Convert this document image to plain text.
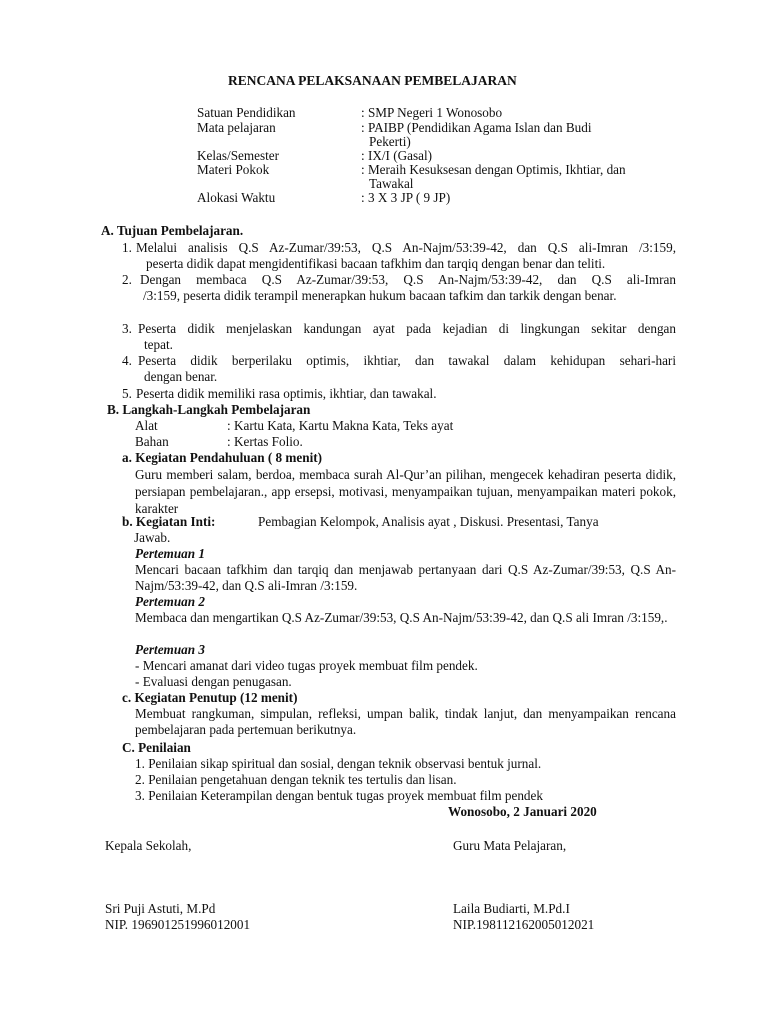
RENCANA PELAKSANAAN PEMBELAJARAN
Satuan Pendidikan	: SMP Negeri 1 Wonosobo
Mata pelajaran	: PAIBP (Pendidikan Agama Islan dan Budi
Pekerti)
Kelas/Semester	: IX/I (Gasal)
Materi Pokok	: Meraih Kesuksesan dengan Optimis, Ikhtiar, dan
Tawakal
Alokasi Waktu	: 3 X 3 JP ( 9 JP)
A. Tujuan Pembelajaran.
1. Melalui analisis Q.S Az-Zumar/39:53, Q.S An-Najm/53:39-42, dan Q.S ali-Imran /3:159,
peserta didik dapat mengidentifikasi bacaan tafkhim dan tarqiq dengan benar dan teliti.
2. Dengan membaca Q.S Az-Zumar/39:53, Q.S An-Najm/53:39-42, dan Q.S ali-Imran
/3:159, peserta didik terampil menerapkan hukum bacaan tafkim dan tarkik dengan benar.
3. Peserta didik menjelaskan kandungan ayat pada kejadian di lingkungan sekitar dengan
tepat.
4. Peserta didik berperilaku optimis, ikhtiar, dan tawakal dalam kehidupan sehari-hari
dengan benar.
5. Peserta didik memiliki rasa optimis, ikhtiar, dan tawakal.
B. Langkah-Langkah Pembelajaran
Alat	: Kartu Kata, Kartu Makna Kata, Teks ayat
Bahan	: Kertas Folio.
a. Kegiatan Pendahuluan ( 8 menit)
Guru memberi salam, berdoa, membaca surah Al-Qur’an pilihan, mengecek kehadiran peserta didik, persiapan pembelajaran., app ersepsi, motivasi, menyampaikan tujuan, menyampaikan materi pokok, karakter
b. Kegiatan Inti:	Pembagian Kelompok, Analisis ayat , Diskusi. Presentasi, Tanya
Jawab.
Pertemuan 1
Mencari bacaan tafkhim dan tarqiq dan menjawab pertanyaan dari Q.S Az-Zumar/39:53, Q.S An-Najm/53:39-42, dan Q.S ali-Imran /3:159.
Pertemuan 2
Membaca dan mengartikan Q.S Az-Zumar/39:53, Q.S An-Najm/53:39-42, dan Q.S ali Imran /3:159,.
Pertemuan 3
- Mencari amanat dari video tugas proyek membuat film pendek.
- Evaluasi dengan penugasan.
c. Kegiatan Penutup (12 menit)
Membuat rangkuman, simpulan, refleksi, umpan balik, tindak lanjut, dan menyampaikan rencana pembelajaran pada pertemuan berikutnya.
C. Penilaian
1. Penilaian sikap spiritual dan sosial, dengan teknik observasi bentuk jurnal.
2. Penilaian pengetahuan dengan teknik tes tertulis dan lisan.
3. Penilaian Keterampilan dengan bentuk tugas proyek membuat film pendek
Wonosobo, 2 Januari 2020
Kepala Sekolah,	Guru Mata Pelajaran,
Sri Puji Astuti, M.Pd	Laila Budiarti, M.Pd.I
NIP. 196901251996012001	NIP.198112162005012021
